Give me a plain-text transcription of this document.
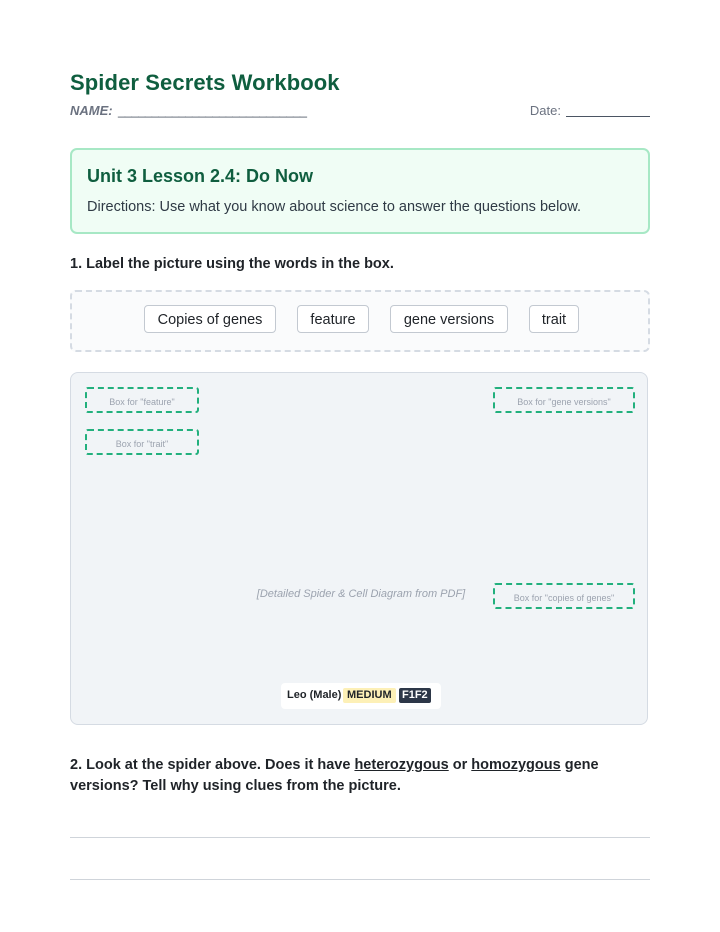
Spider Secrets Workbook
NAME: ____________________________	Date:
Unit 3 Lesson 2.4: Do Now
Directions: Use what you know about science to answer the questions below.
1. Label the picture using the words in the box.
Copies of genes	feature	gene versions	trait
Box for "feature"
Box for "trait"
Box for "gene versions"
Box for "copies of genes"
[Detailed Spider & Cell Diagram from PDF]
Leo (Male) MEDIUM F1F2
2. Look at the spider above. Does it have heterozygous or homozygous gene versions? Tell why using clues from the picture.
